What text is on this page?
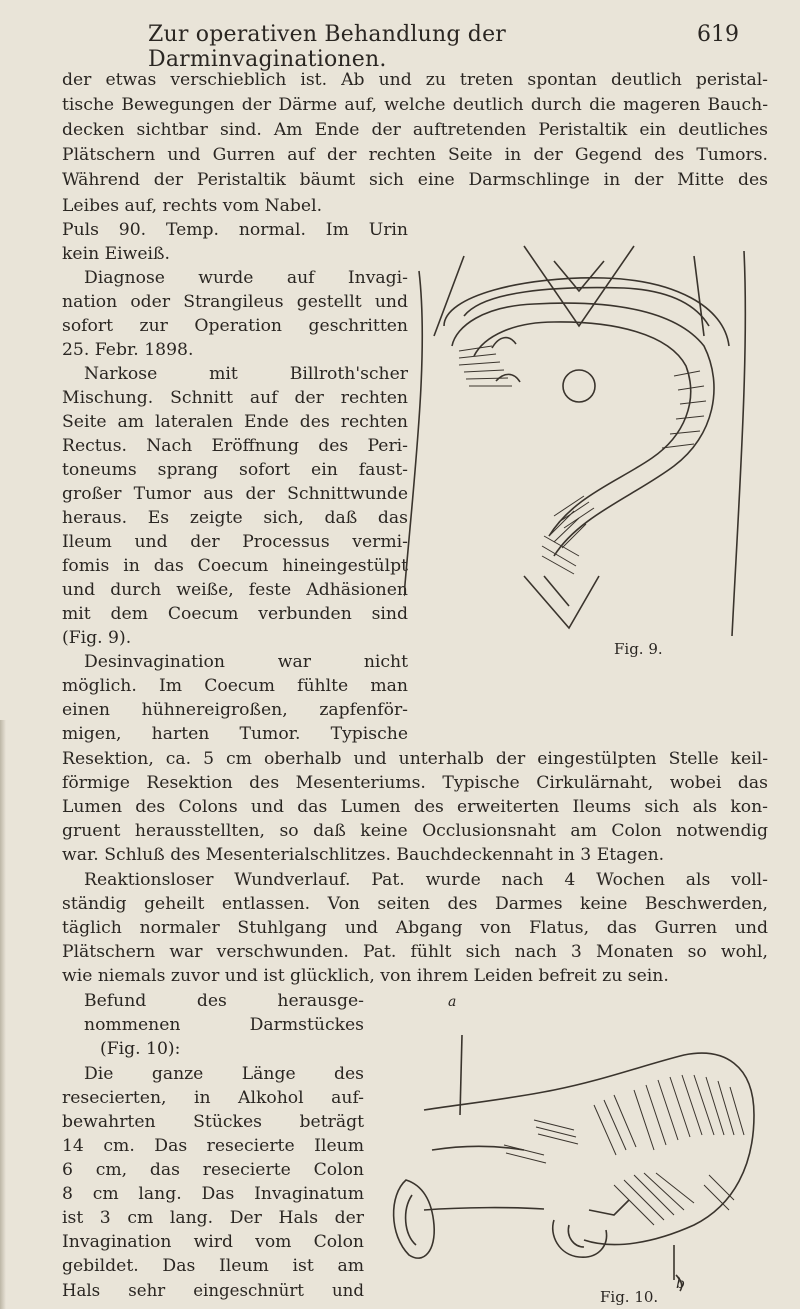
Zur operativen Behandlung der Darminvaginationen.
619
der etwas verschieblich ist. Ab und zu treten spontan deutlich peristal-
tische Bewegungen der Därme auf, welche deutlich durch die mageren Bauch-
decken sichtbar sind. Am Ende der auftretenden Peristaltik ein deutliches
Plätschern und Gurren auf der rechten Seite in der Gegend des Tumors.
Während der Peristaltik bäumt sich eine Darmschlinge in der Mitte des
Leibes auf, rechts vom Nabel.
Puls 90. Temp. normal. Im Urin
kein Eiweiß.
Diagnose wurde auf Invagi-
nation oder Strangileus gestellt und
sofort zur Operation geschritten
25. Febr. 1898.
Narkose mit Billroth'scher
Mischung. Schnitt auf der rechten
Seite am lateralen Ende des rechten
Rectus. Nach Eröffnung des Peri-
toneums sprang sofort ein faust-
großer Tumor aus der Schnittwunde
heraus. Es zeigte sich, daß das
Ileum und der Processus vermi-
fomis in das Coecum hineingestülpt
und durch weiße, feste Adhäsionen
mit dem Coecum verbunden sind
(Fig. 9).
Desinvagination war nicht
möglich. Im Coecum fühlte man
einen hühnereigroßen, zapfenför-
migen, harten Tumor. Typische
Resektion, ca. 5 cm oberhalb und unterhalb der eingestülpten Stelle keil-
förmige Resektion des Mesenteriums. Typische Cirkulärnaht, wobei das
Lumen des Colons und das Lumen des erweiterten Ileums sich als kon-
gruent herausstellten, so daß keine Occlusionsnaht am Colon notwendig
war. Schluß des Mesenterialschlitzes. Bauchdeckennaht in 3 Etagen.
Reaktionsloser Wundverlauf. Pat. wurde nach 4 Wochen als voll-
ständig geheilt entlassen. Von seiten des Darmes keine Beschwerden,
täglich normaler Stuhlgang und Abgang von Flatus, das Gurren und
Plätschern war verschwunden. Pat. fühlt sich nach 3 Monaten so wohl,
wie niemals zuvor und ist glücklich, von ihrem Leiden befreit zu sein.
Befund des herausge-
nommenen Darmstückes
(Fig. 10):
Die ganze Länge des
resecierten, in Alkohol auf-
bewahrten Stückes beträgt
14 cm. Das resecierte Ileum
6 cm, das resecierte Colon
8 cm lang. Das Invaginatum
ist 3 cm lang. Der Hals der
Invagination wird vom Colon
gebildet. Das Ileum ist am
Hals sehr eingeschnürt und
Fig. 9.
a
b
Fig. 10.
